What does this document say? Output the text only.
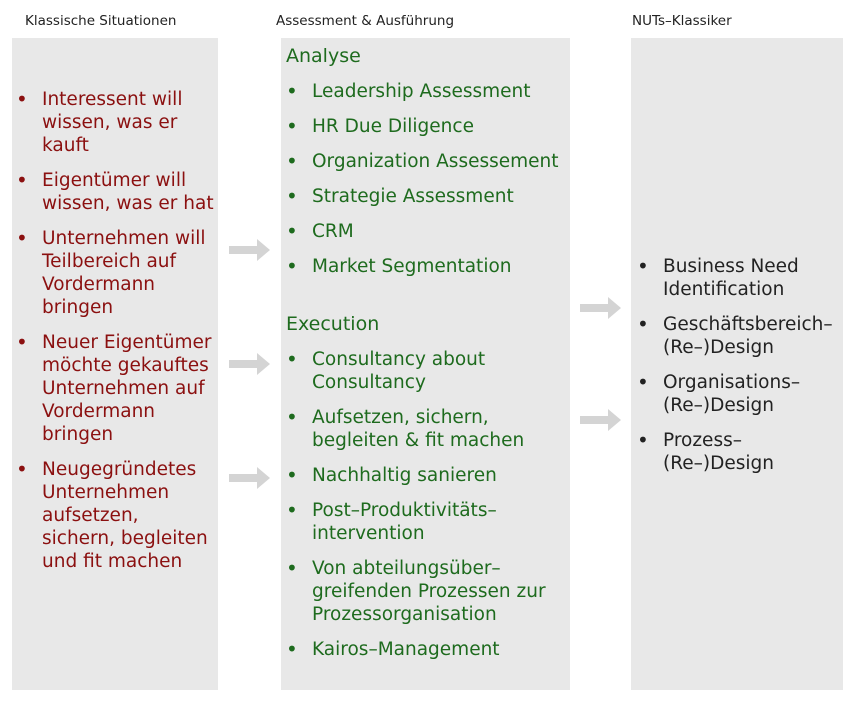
Klassische Situationen	Assessment & Ausführung	NUTs–Klassiker
• Interessent will wissen, was er kauft
• Eigentümer will wissen, was er hat
• Unternehmen will Teilbereich auf Vordermann bringen
• Neuer Eigentümer möchte gekauftes Unternehmen auf Vordermann bringen
• Neugegründetes Unternehmen aufsetzen, sichern, begleiten und fit machen
Analyse
• Leadership Assessment
• HR Due Diligence
• Organization Assessement
• Strategie Assessment
• CRM
• Market Segmentation
Execution
• Consultancy about Consultancy
• Aufsetzen, sichern, begleiten & fit machen
• Nachhaltig sanieren
• Post–Produktivitäts–intervention
• Von abteilungsüber–greifenden Prozessen zur Prozessorganisation
• Kairos–Management
• Business Need Identification
• Geschäftsbereich–(Re–)Design
• Organisations–(Re–)Design
• Prozess–(Re–)Design
